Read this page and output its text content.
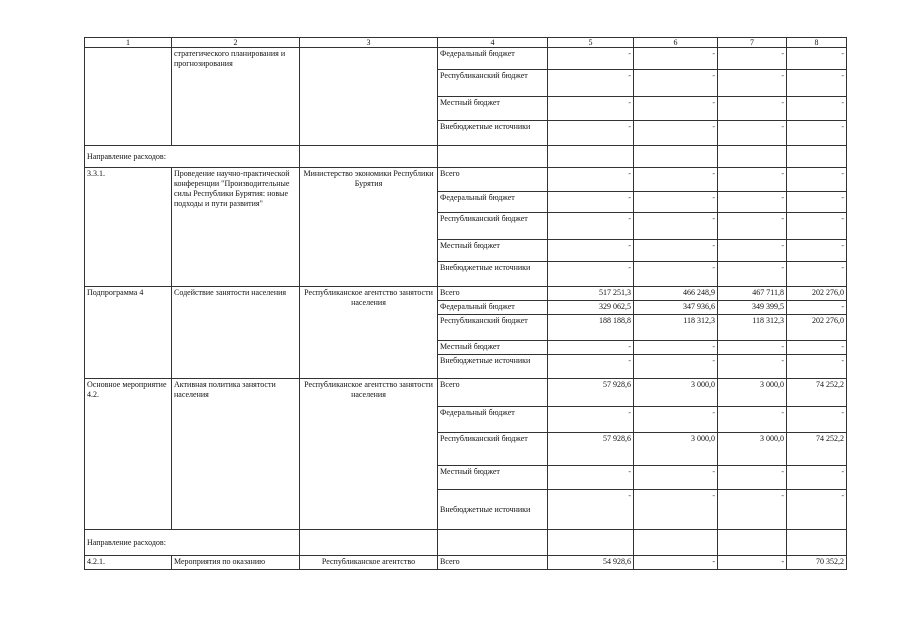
1	2	3	4	5	6	7	8
	стратегического планирования и прогнозирования		Федеральный бюджет	-	-	-	-
			Республиканский бюджет	-	-	-	-
			Местный бюджет	-	-	-	-
			Внебюджетные источники	-	-	-	-
Направление расходов:							
3.3.1.	Проведение научно-практической конференции "Производительные силы Республики Бурятия: новые подходы и пути развития"	Министерство экономики Республики Бурятия	Всего	-	-	-	-
			Федеральный бюджет	-	-	-	-
			Республиканский бюджет	-	-	-	-
			Местный бюджет	-	-	-	-
			Внебюджетные источники	-	-	-	-
Подпрограмма 4	Содействие занятости населения	Республиканское агентство занятости населения	Всего	517 251,3	466 248,9	467 711,8	202 276,0
			Федеральный бюджет	329 062,5	347 936,6	349 399,5	-
			Республиканский бюджет	188 188,8	118 312,3	118 312,3	202 276,0
			Местный бюджет	-	-	-	-
			Внебюджетные источники	-	-	-	-
Основное мероприятие 4.2.	Активная политика занятости населения	Республиканское агентство занятости населения	Всего	57 928,6	3 000,0	3 000,0	74 252,2
			Федеральный бюджет	-	-	-	-
			Республиканский бюджет	57 928,6	3 000,0	3 000,0	74 252,2
			Местный бюджет	-	-	-	-
			Внебюджетные источники	-	-	-	-
Направление расходов:							
4.2.1.	Мероприятия по оказанию	Республиканское агентство	Всего	54 928,6	-	-	70 352,2
